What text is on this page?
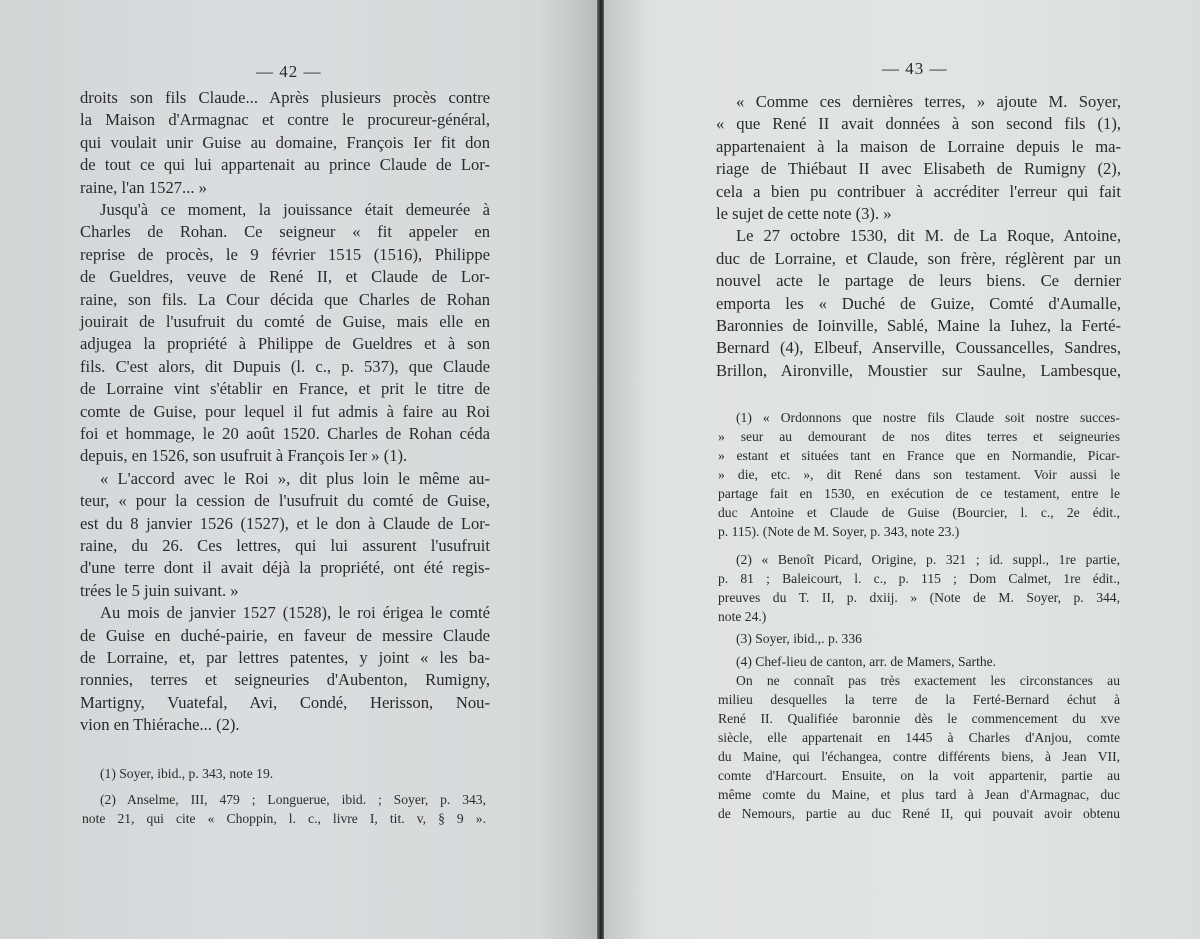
— 42 —
droits son fils Claude... Après plusieurs procès contre
la Maison d'Armagnac et contre le procureur-général,
qui voulait unir Guise au domaine, François Ier fit don
de tout ce qui lui appartenait au prince Claude de Lor-
raine, l'an 1527... »
Jusqu'à ce moment, la jouissance était demeurée à
Charles de Rohan. Ce seigneur « fit appeler en
reprise de procès, le 9 février 1515 (1516), Philippe
de Gueldres, veuve de René II, et Claude de Lor-
raine, son fils. La Cour décida que Charles de Rohan
jouirait de l'usufruit du comté de Guise, mais elle en
adjugea la propriété à Philippe de Gueldres et à son
fils. C'est alors, dit Dupuis (l. c., p. 537), que Claude
de Lorraine vint s'établir en France, et prit le titre de
comte de Guise, pour lequel il fut admis à faire au Roi
foi et hommage, le 20 août 1520. Charles de Rohan céda
depuis, en 1526, son usufruit à François Ier » (1).
« L'accord avec le Roi », dit plus loin le même au-
teur, « pour la cession de l'usufruit du comté de Guise,
est du 8 janvier 1526 (1527), et le don à Claude de Lor-
raine, du 26. Ces lettres, qui lui assurent l'usufruit
d'une terre dont il avait déjà la propriété, ont été regis-
trées le 5 juin suivant. »
Au mois de janvier 1527 (1528), le roi érigea le comté
de Guise en duché-pairie, en faveur de messire Claude
de Lorraine, et, par lettres patentes, y joint « les ba-
ronnies, terres et seigneuries d'Aubenton, Rumigny,
Martigny, Vuatefal, Avi, Condé, Herisson, Nou-
vion en Thiérache... (2).
(1) Soyer, ibid., p. 343, note 19.
(2) Anselme, III, 479 ; Longuerue, ibid. ; Soyer, p. 343,
note 21, qui cite « Choppin, l. c., livre I, tit. v, § 9 ».
— 43 —
« Comme ces dernières terres, » ajoute M. Soyer,
« que René II avait données à son second fils (1),
appartenaient à la maison de Lorraine depuis le ma-
riage de Thiébaut II avec Elisabeth de Rumigny (2),
cela a bien pu contribuer à accréditer l'erreur qui fait
le sujet de cette note (3). »
Le 27 octobre 1530, dit M. de La Roque, Antoine,
duc de Lorraine, et Claude, son frère, réglèrent par un
nouvel acte le partage de leurs biens. Ce dernier
emporta les « Duché de Guize, Comté d'Aumalle,
Baronnies de Ioinville, Sablé, Maine la Iuhez, la Ferté-
Bernard (4), Elbeuf, Anserville, Coussancelles, Sandres,
Brillon, Aironville, Moustier sur Saulne, Lambesque,
(1) « Ordonnons que nostre fils Claude soit nostre succes-
» seur au demourant de nos dites terres et seigneuries
» estant et situées tant en France que en Normandie, Picar-
» die, etc. », dit René dans son testament. Voir aussi le
partage fait en 1530, en exécution de ce testament, entre le
duc Antoine et Claude de Guise (Bourcier, l. c., 2e édit.,
p. 115). (Note de M. Soyer, p. 343, note 23.)
(2) « Benoît Picard, Origine, p. 321 ; id. suppl., 1re partie,
p. 81 ; Baleicourt, l. c., p. 115 ; Dom Calmet, 1re édit.,
preuves du T. II, p. dxiij. » (Note de M. Soyer, p. 344,
note 24.)
(3) Soyer, ibid.,. p. 336
(4) Chef-lieu de canton, arr. de Mamers, Sarthe.
On ne connaît pas très exactement les circonstances au
milieu desquelles la terre de la Ferté-Bernard échut à
René II. Qualifiée baronnie dès le commencement du xve
siècle, elle appartenait en 1445 à Charles d'Anjou, comte
du Maine, qui l'échangea, contre différents biens, à Jean VII,
comte d'Harcourt. Ensuite, on la voit appartenir, partie au
même comte du Maine, et plus tard à Jean d'Armagnac, duc
de Nemours, partie au duc René II, qui pouvait avoir obtenu
